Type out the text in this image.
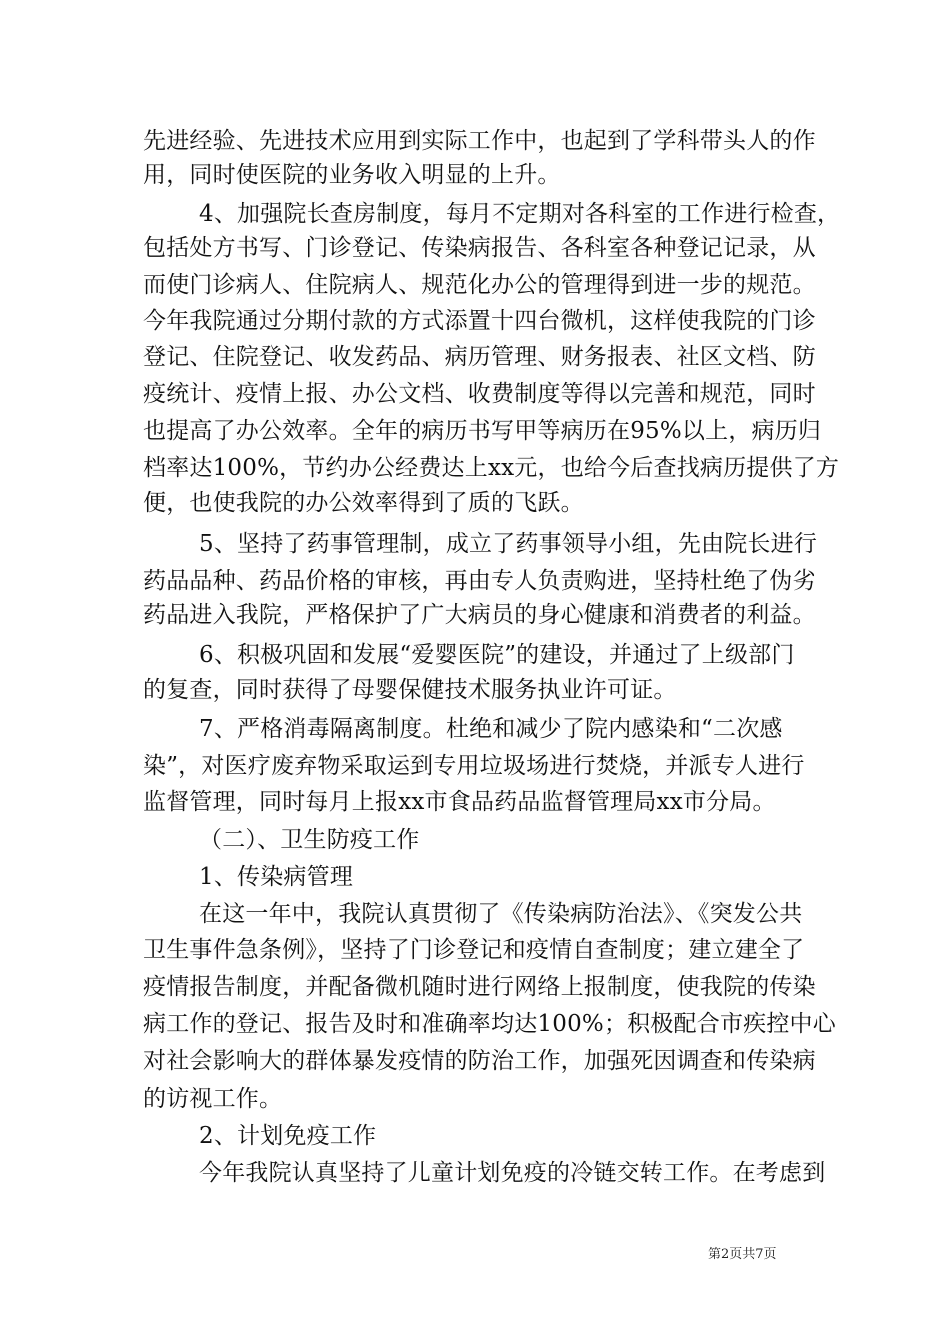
先进经验、先进技术应用到实际工作中，也起到了学科带头人的作
用，同时使医院的业务收入明显的上升。
4、加强院长查房制度，每月不定期对各科室的工作进行检查，
包括处方书写、门诊登记、传染病报告、各科室各种登记记录，从
而使门诊病人、住院病人、规范化办公的管理得到进一步的规范。
今年我院通过分期付款的方式添置十四台微机，这样使我院的门诊
登记、住院登记、收发药品、病历管理、财务报表、社区文档、防
疫统计、疫情上报、办公文档、收费制度等得以完善和规范，同时
也提高了办公效率。全年的病历书写甲等病历在95%以上，病历归
档率达100%，节约办公经费达上xx元，也给今后查找病历提供了方
便，也使我院的办公效率得到了质的飞跃。
5、坚持了药事管理制，成立了药事领导小组，先由院长进行
药品品种、药品价格的审核，再由专人负责购进，坚持杜绝了伪劣
药品进入我院，严格保护了广大病员的身心健康和消费者的利益。
6、积极巩固和发展“爱婴医院”的建设，并通过了上级部门
的复查，同时获得了母婴保健技术服务执业许可证。
7、严格消毒隔离制度。杜绝和减少了院内感染和“二次感
染”，对医疗废弃物采取运到专用垃圾场进行焚烧，并派专人进行
监督管理，同时每月上报xx市食品药品监督管理局xx市分局。
（二）、卫生防疫工作
1、传染病管理
在这一年中，我院认真贯彻了《传染病防治法》、《突发公共
卫生事件急条例》，坚持了门诊登记和疫情自查制度；建立建全了
疫情报告制度，并配备微机随时进行网络上报制度，使我院的传染
病工作的登记、报告及时和准确率均达100%；积极配合市疾控中心
对社会影响大的群体暴发疫情的防治工作，加强死因调查和传染病
的访视工作。
2、计划免疫工作
今年我院认真坚持了儿童计划免疫的冷链交转工作。在考虑到
第2页共7页
